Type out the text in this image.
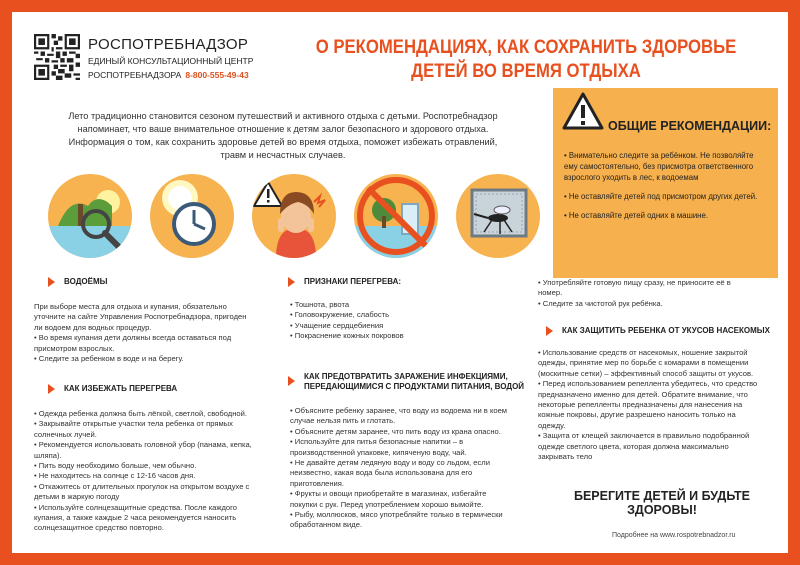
РОСПОТРЕБНАДЗОР
ЕДИНЫЙ КОНСУЛЬТАЦИОННЫЙ ЦЕНТР
РОСПОТРЕБНАДЗОРА 8-800-555-49-43
О РЕКОМЕНДАЦИЯХ, КАК СОХРАНИТЬ ЗДОРОВЬЕ
ДЕТЕЙ ВО ВРЕМЯ ОТДЫХА
Лето традиционно становится сезоном путешествий и активного отдыха с детьми. Роспотребнадзор
напоминает, что ваше внимательное отношение к детям залог безопасного и здорового отдыха.
Информация о том, как сохранить здоровье детей во время отдыха, поможет избежать отравлений,
травм и несчастных случаев.
ОБЩИЕ РЕКОМЕНДАЦИИ:
• Внимательно следите за ребёнком. Не позволяйте ему самостоятельно, без присмотра ответственного взрослого уходить в лес, к водоемам
• Не оставляйте детей под присмотром других детей.
• Не оставляйте детей одних в машине.
ВОДОЁМЫ
При выборе места для отдыха и купания, обязательно
уточните на сайте Управления Роспотребнадзора, пригоден
ли водоем для водных процедур.
• Во время купания дети должны всегда оставаться под
присмотром взрослых.
• Следите за ребенком в воде и на берегу.
КАК ИЗБЕЖАТЬ ПЕРЕГРЕВА
• Одежда ребенка должна быть лёгкой, светлой, свободной.
• Закрывайте открытые участки тела ребенка от прямых
солнечных лучей.
• Рекомендуется использовать головной убор (панама, кепка,
шляпа).
• Пить воду необходимо больше, чем обычно.
• Не находитесь на солнце с 12-16 часов дня.
• Откажитесь от длительных прогулок на открытом воздухе с
детьми в жаркую погоду
• Используйте солнцезащитные средства. После каждого
купания, а также каждые 2 часа рекомендуется наносить
солнцезащитное средство повторно.
ПРИЗНАКИ ПЕРЕГРЕВА:
• Тошнота, рвота
• Головокружение, слабость
• Учащение сердцебиения
• Покраснение кожных покровов
КАК ПРЕДОТВРАТИТЬ ЗАРАЖЕНИЕ ИНФЕКЦИЯМИ,
ПЕРЕДАЮЩИМИСЯ С ПРОДУКТАМИ ПИТАНИЯ, ВОДОЙ
• Объясните ребенку заранее, что воду из водоема ни в коем
случае нельзя пить и глотать.
• Объясните детям заранее, что пить воду из крана опасно.
• Используйте для питья безопасные напитки – в
производственной упаковке, кипяченую воду, чай.
• Не давайте детям ледяную воду и воду со льдом, если
неизвестно, какая вода была использована для его
приготовления.
• Фрукты и овощи приобретайте в магазинах, избегайте
покупки с рук. Перед употреблением хорошо вымойте.
• Рыбу, моллюсков, мясо употребляйте только в термически
обработанном виде.
• Употребляйте готовую пищу сразу, не приносите её в
номер.
• Следите за чистотой рук ребёнка.
КАК ЗАЩИТИТЬ РЕБЕНКА ОТ УКУСОВ НАСЕКОМЫХ
• Использование средств от насекомых, ношение закрытой
одежды, принятие мер по борьбе с комарами в помещении
(москитные сетки) – эффективный способ защиты от укусов.
• Перед использованием репеллента убедитесь, что средство
предназначено именно для детей. Обратите внимание, что
некоторые репелленты предназначены для нанесения на
кожные покровы, другие разрешено наносить только на
одежду.
• Защита от клещей заключается в правильно подобранной
одежде светлого цвета, которая должна максимально
закрывать тело
БЕРЕГИТЕ ДЕТЕЙ И БУДЬТЕ ЗДОРОВЫ!
Подробнее на www.rospotrebnadzor.ru
